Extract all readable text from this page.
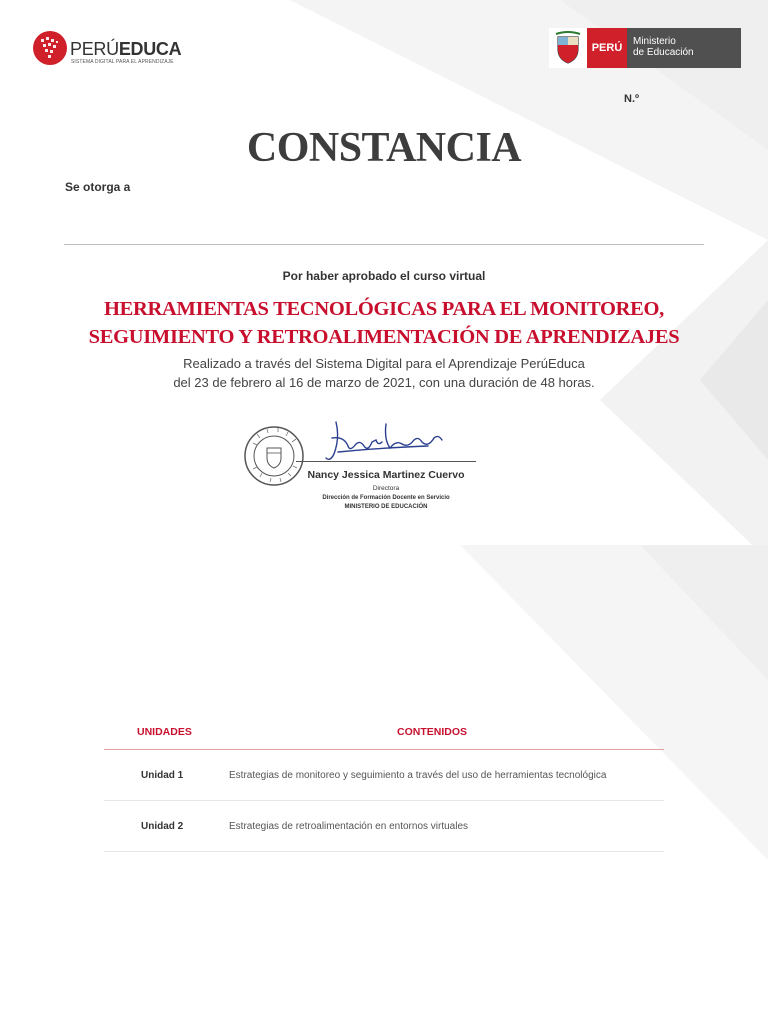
PERÚEDUCA
SISTEMA DIGITAL PARA EL APRENDIZAJE
PERÚ
Ministerio
de Educación
N.º
CONSTANCIA
Se otorga a
Por haber aprobado el curso virtual
HERRAMIENTAS TECNOLÓGICAS PARA EL MONITOREO,
SEGUIMIENTO Y RETROALIMENTACIÓN DE APRENDIZAJES
Realizado a través del Sistema Digital para el Aprendizaje PerúEduca
del 23 de febrero al 16 de marzo de 2021, con una duración de 48 horas.
Nancy Jessica Martinez Cuervo
Directora
Dirección de Formación Docente en Servicio
MINISTERIO DE EDUCACIÓN
UNIDADES	CONTENIDOS
Unidad 1	Estrategias de monitoreo y seguimiento a través del uso de herramientas tecnológica
Unidad 2	Estrategias de retroalimentación en entornos virtuales
